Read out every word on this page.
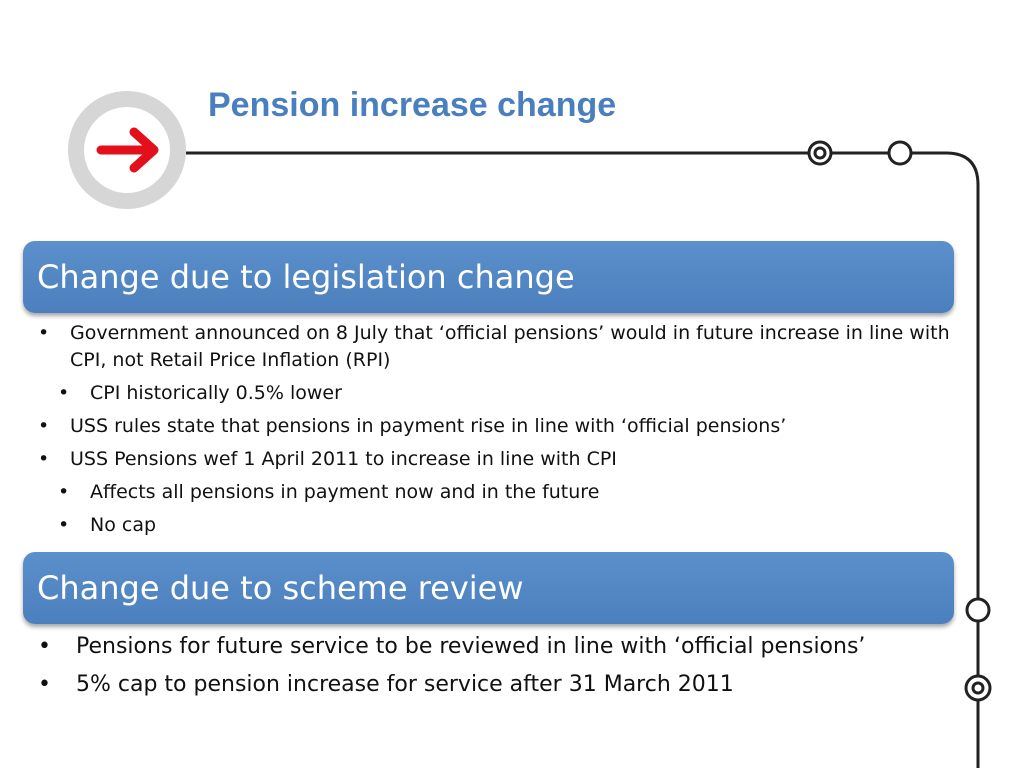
Pension increase change
Change due to legislation change
• Government announced on 8 July that ‘official pensions’ would in future increase in line with CPI, not Retail Price Inflation (RPI)
• CPI historically 0.5% lower
• USS rules state that pensions in payment rise in line with ‘official pensions’
• USS Pensions wef 1 April 2011 to increase in line with CPI
• Affects all pensions in payment now and in the future
• No cap
Change due to scheme review
• Pensions for future service to be reviewed in line with ‘official pensions’
• 5% cap to pension increase for service after 31 March 2011
